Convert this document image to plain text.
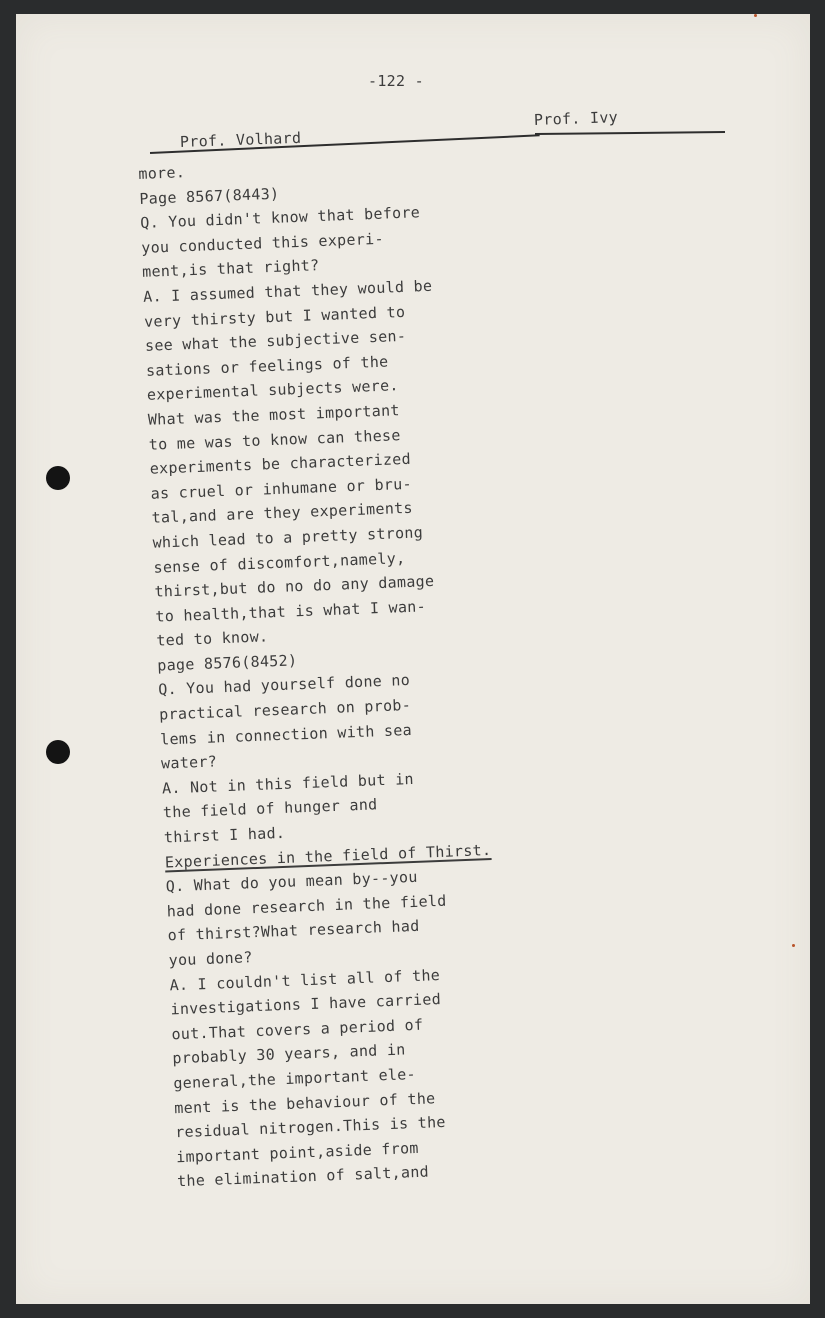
-122 -
Prof. Volhard
Prof. Ivy
more.
Page 8567(8443)
Q. You didn't know that before
you conducted this experi-
ment,is that right?
A. I assumed that they would be
very thirsty but I wanted to
see what the subjective sen-
sations or feelings of the
experimental subjects were.
What was the most important
to me was to know can these
experiments be characterized
as cruel or inhumane or bru-
tal,and are they experiments
which lead to a pretty strong
sense of discomfort,namely,
thirst,but do no do any damage
to health,that is what I wan-
ted to know.
page 8576(8452)
Q. You had yourself done no
practical research on prob-
lems in connection with sea
water?
A. Not in this field but in
the field of hunger and
thirst I had.
Experiences in the field of Thirst.
Q. What do you mean by--you
had done research in the field
of thirst?What research had
you done?
A. I couldn't list all of the
investigations I have carried
out.That covers a period of
probably 30 years, and in
general,the important ele-
ment is the behaviour of the
residual nitrogen.This is the
important point,aside from
the elimination of salt,and
